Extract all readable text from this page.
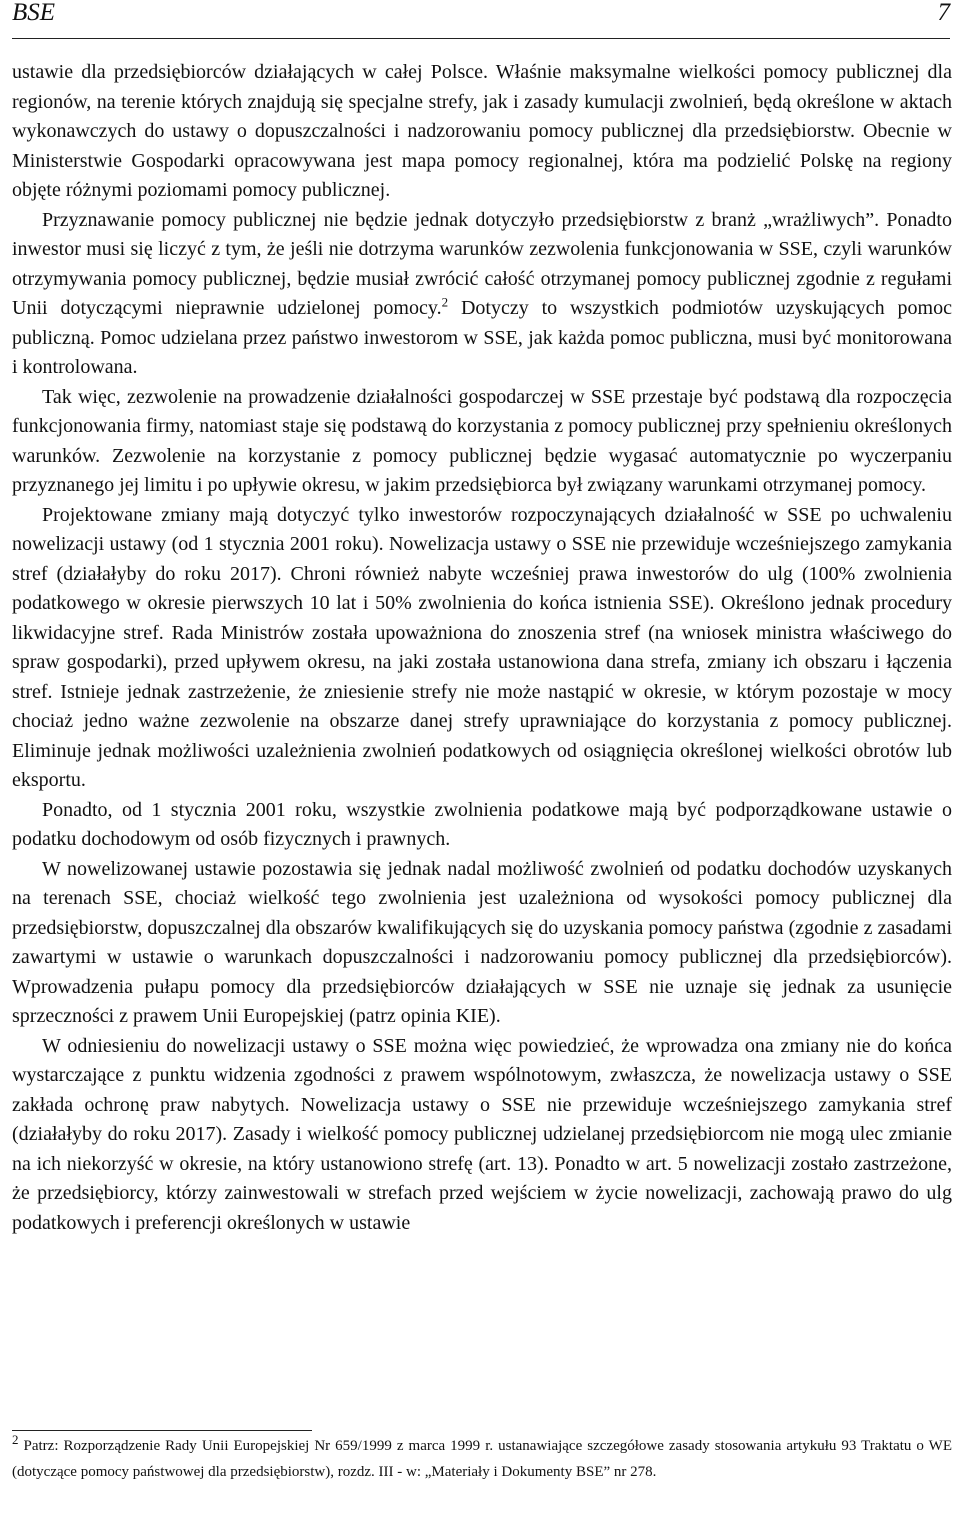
BSE	7

ustawie dla przedsiębiorców działających w całej Polsce. Właśnie maksymalne wielkości pomocy publicznej dla regionów, na terenie których znajdują się specjalne strefy, jak i zasady kumulacji zwolnień, będą określone w aktach wykonawczych do ustawy o dopuszczalności i nadzorowaniu pomocy publicznej dla przedsiębiorstw. Obecnie w Ministerstwie Gospodarki opracowywana jest mapa pomocy regionalnej, która ma podzielić Polskę na regiony objęte różnymi poziomami pomocy publicznej.

Przyznawanie pomocy publicznej nie będzie jednak dotyczyło przedsiębiorstw z branż „wrażliwych”. Ponadto inwestor musi się liczyć z tym, że jeśli nie dotrzyma warunków zezwolenia funkcjonowania w SSE, czyli warunków otrzymywania pomocy publicznej, będzie musiał zwrócić całość otrzymanej pomocy publicznej zgodnie z regułami Unii dotyczącymi nieprawnie udzielonej pomocy.$^2$ Dotyczy to wszystkich podmiotów uzyskujących pomoc publiczną. Pomoc udzielana przez państwo inwestorom w SSE, jak każda pomoc publiczna, musi być monitorowana i kontrolowana.

Tak więc, zezwolenie na prowadzenie działalności gospodarczej w SSE przestaje być podstawą dla rozpoczęcia funkcjonowania firmy, natomiast staje się podstawą do korzystania z pomocy publicznej przy spełnieniu określonych warunków. Zezwolenie na korzystanie z pomocy publicznej będzie wygasać automatycznie po wyczerpaniu przyznanego jej limitu i po upływie okresu, w jakim przedsiębiorca był związany warunkami otrzymanej pomocy.

Projektowane zmiany mają dotyczyć tylko inwestorów rozpoczynających działalność w SSE po uchwaleniu nowelizacji ustawy (od 1 stycznia 2001 roku). Nowelizacja ustawy o SSE nie przewiduje wcześniejszego zamykania stref (działałyby do roku 2017). Chroni również nabyte wcześniej prawa inwestorów do ulg (100% zwolnienia podatkowego w okresie pierwszych 10 lat i 50% zwolnienia do końca istnienia SSE). Określono jednak procedury likwidacyjne stref. Rada Ministrów została upoważniona do znoszenia stref (na wniosek ministra właściwego do spraw gospodarki), przed upływem okresu, na jaki została ustanowiona dana strefa, zmiany ich obszaru i łączenia stref. Istnieje jednak zastrzeżenie, że zniesienie strefy nie może nastąpić w okresie, w którym pozostaje w mocy chociaż jedno ważne zezwolenie na obszarze danej strefy uprawniające do korzystania z pomocy publicznej. Eliminuje jednak możliwości uzależnienia zwolnień podatkowych od osiągnięcia określonej wielkości obrotów lub eksportu.

Ponadto, od 1 stycznia 2001 roku, wszystkie zwolnienia podatkowe mają być podporządkowane ustawie o podatku dochodowym od osób fizycznych i prawnych.

W nowelizowanej ustawie pozostawia się jednak nadal możliwość zwolnień od podatku dochodów uzyskanych na terenach SSE, chociaż wielkość tego zwolnienia jest uzależniona od wysokości pomocy publicznej dla przedsiębiorstw, dopuszczalnej dla obszarów kwalifikujących się do uzyskania pomocy państwa (zgodnie z zasadami zawartymi w ustawie o warunkach dopuszczalności i nadzorowaniu pomocy publicznej dla przedsiębiorców). Wprowadzenia pułapu pomocy dla przedsiębiorców działających w SSE nie uznaje się jednak za usunięcie sprzeczności z prawem Unii Europejskiej (patrz opinia KIE).

W odniesieniu do nowelizacji ustawy o SSE można więc powiedzieć, że wprowadza ona zmiany nie do końca wystarczające z punktu widzenia zgodności z prawem wspólnotowym, zwłaszcza, że nowelizacja ustawy o SSE zakłada ochronę praw nabytych. Nowelizacja ustawy o SSE nie przewiduje wcześniejszego zamykania stref (działałyby do roku 2017). Zasady i wielkość pomocy publicznej udzielanej przedsiębiorcom nie mogą ulec zmianie na ich niekorzyść w okresie, na który ustanowiono strefę (art. 13). Ponadto w art. 5 nowelizacji zostało zastrzeżone, że przedsiębiorcy, którzy zainwestowali w strefach przed wejściem w życie nowelizacji, zachowają prawo do ulg podatkowych i preferencji określonych w ustawie

$^2$ Patrz: Rozporządzenie Rady Unii Europejskiej Nr 659/1999 z marca 1999 r. ustanawiające szczegółowe zasady stosowania artykułu 93 Traktatu o WE (dotyczące pomocy państwowej dla przedsiębiorstw), rozdz. III - w: „Materiały i Dokumenty BSE” nr 278.
